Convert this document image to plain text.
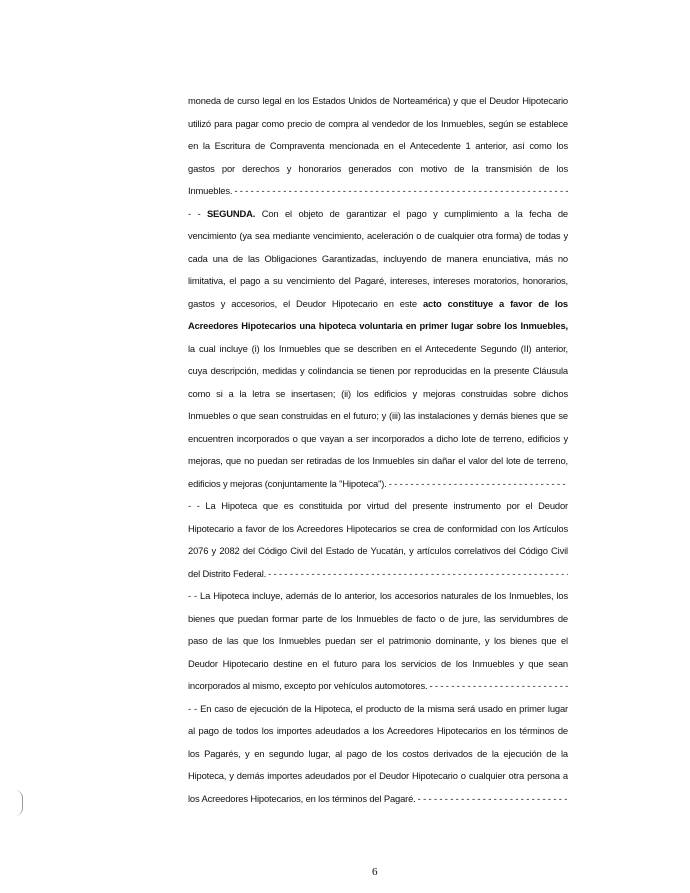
moneda de curso legal en los Estados Unidos de Norteamérica) y que el Deudor Hipotecario
utilizó para pagar como precio de compra al vendedor de los Inmuebles, según se establece
en la Escritura de Compraventa mencionada en el Antecedente 1 anterior, así como los
gastos por derechos y honorarios generados con motivo de la transmisión de los
Inmuebles.
- - -
- - SEGUNDA. Con el objeto de garantizar el pago y cumplimiento a la fecha de
vencimiento (ya sea mediante vencimiento, aceleración o de cualquier otra forma) de todas y
cada una de las Obligaciones Garantizadas, incluyendo de manera enunciativa, más no
limitativa, el pago a su vencimiento del Pagaré, intereses, intereses moratorios, honorarios,
gastos y accesorios, el Deudor Hipotecario en este acto constituye a favor de los
Acreedores Hipotecarios una hipoteca voluntaria en primer lugar sobre los Inmuebles,
la cual incluye (i) los Inmuebles que se describen en el Antecedente Segundo (II) anterior,
cuya descripción, medidas y colindancia se tienen por reproducidas en la presente Cláusula
como si a la letra se insertasen; (ii) los edificios y mejoras construidas sobre dichos
Inmuebles o que sean construidas en el futuro; y (iii) las instalaciones y demás bienes que se
encuentren incorporados o que vayan a ser incorporados a dicho lote de terreno, edificios y
mejoras, que no puedan ser retiradas de los Inmuebles sin dañar el valor del lote de terreno,
edificios y mejoras (conjuntamente la "Hipoteca").
- - -
- - La Hipoteca que es constituida por virtud del presente instrumento por el Deudor
Hipotecario a favor de los Acreedores Hipotecarios se crea de conformidad con los Artículos
2076 y 2082 del Código Civil del Estado de Yucatán, y artículos correlativos del Código Civil
del Distrito Federal.
- - -
- - La Hipoteca incluye, además de lo anterior, los accesorios naturales de los Inmuebles, los
bienes que puedan formar parte de los Inmuebles de facto o de jure, las servidumbres de
paso de las que los Inmuebles puedan ser el patrimonio dominante, y los bienes que el
Deudor Hipotecario destine en el futuro para los servicios de los Inmuebles y que sean
incorporados al mismo, excepto por vehículos automotores.
- - -
- - En caso de ejecución de la Hipoteca, el producto de la misma será usado en primer lugar
al pago de todos los importes adeudados a los Acreedores Hipotecarios en los términos de
los Pagarés, y en segundo lugar, al pago de los costos derivados de la ejecución de la
Hipoteca, y demás importes adeudados por el Deudor Hipotecario o cualquier otra persona a
los Acreedores Hipotecarios, en los términos del Pagaré.
- - -
6
